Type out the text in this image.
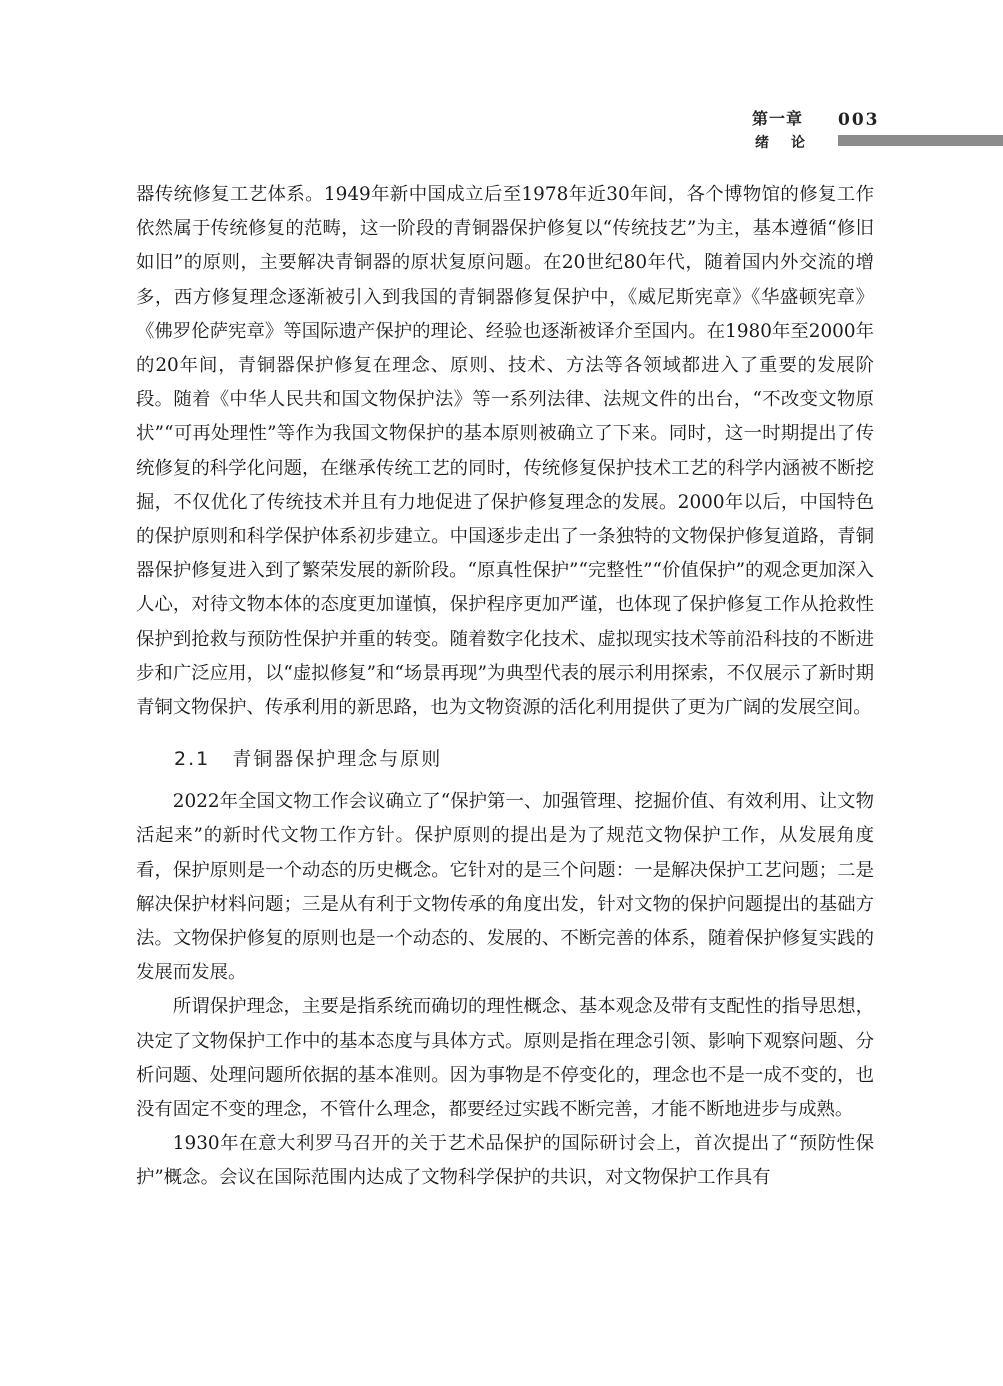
第一章
绪论
003

器传统修复工艺体系。1949年新中国成立后至1978年近30年间，各个博物馆的修复工作依然属于传统修复的范畴，这一阶段的青铜器保护修复以“传统技艺”为主，基本遵循“修旧如旧”的原则，主要解决青铜器的原状复原问题。在20世纪80年代，随着国内外交流的增多，西方修复理念逐渐被引入到我国的青铜器修复保护中，《威尼斯宪章》《华盛顿宪章》《佛罗伦萨宪章》等国际遗产保护的理论、经验也逐渐被译介至国内。在1980年至2000年的20年间，青铜器保护修复在理念、原则、技术、方法等各领域都进入了重要的发展阶段。随着《中华人民共和国文物保护法》等一系列法律、法规文件的出台，“不改变文物原状”“可再处理性”等作为我国文物保护的基本原则被确立了下来。同时，这一时期提出了传统修复的科学化问题，在继承传统工艺的同时，传统修复保护技术工艺的科学内涵被不断挖掘，不仅优化了传统技术并且有力地促进了保护修复理念的发展。2000年以后，中国特色的保护原则和科学保护体系初步建立。中国逐步走出了一条独特的文物保护修复道路，青铜器保护修复进入到了繁荣发展的新阶段。“原真性保护”“完整性”“价值保护”的观念更加深入人心，对待文物本体的态度更加谨慎，保护程序更加严谨，也体现了保护修复工作从抢救性保护到抢救与预防性保护并重的转变。随着数字化技术、虚拟现实技术等前沿科技的不断进步和广泛应用，以“虚拟修复”和“场景再现”为典型代表的展示利用探索，不仅展示了新时期青铜文物保护、传承利用的新思路，也为文物资源的活化利用提供了更为广阔的发展空间。

2.1 青铜器保护理念与原则

2022年全国文物工作会议确立了“保护第一、加强管理、挖掘价值、有效利用、让文物活起来”的新时代文物工作方针。保护原则的提出是为了规范文物保护工作，从发展角度看，保护原则是一个动态的历史概念。它针对的是三个问题：一是解决保护工艺问题；二是解决保护材料问题；三是从有利于文物传承的角度出发，针对文物的保护问题提出的基础方法。文物保护修复的原则也是一个动态的、发展的、不断完善的体系，随着保护修复实践的发展而发展。

所谓保护理念，主要是指系统而确切的理性概念、基本观念及带有支配性的指导思想，决定了文物保护工作中的基本态度与具体方式。原则是指在理念引领、影响下观察问题、分析问题、处理问题所依据的基本准则。因为事物是不停变化的，理念也不是一成不变的，也没有固定不变的理念，不管什么理念，都要经过实践不断完善，才能不断地进步与成熟。

1930年在意大利罗马召开的关于艺术品保护的国际研讨会上，首次提出了“预防性保护”概念。会议在国际范围内达成了文物科学保护的共识，对文物保护工作具有
